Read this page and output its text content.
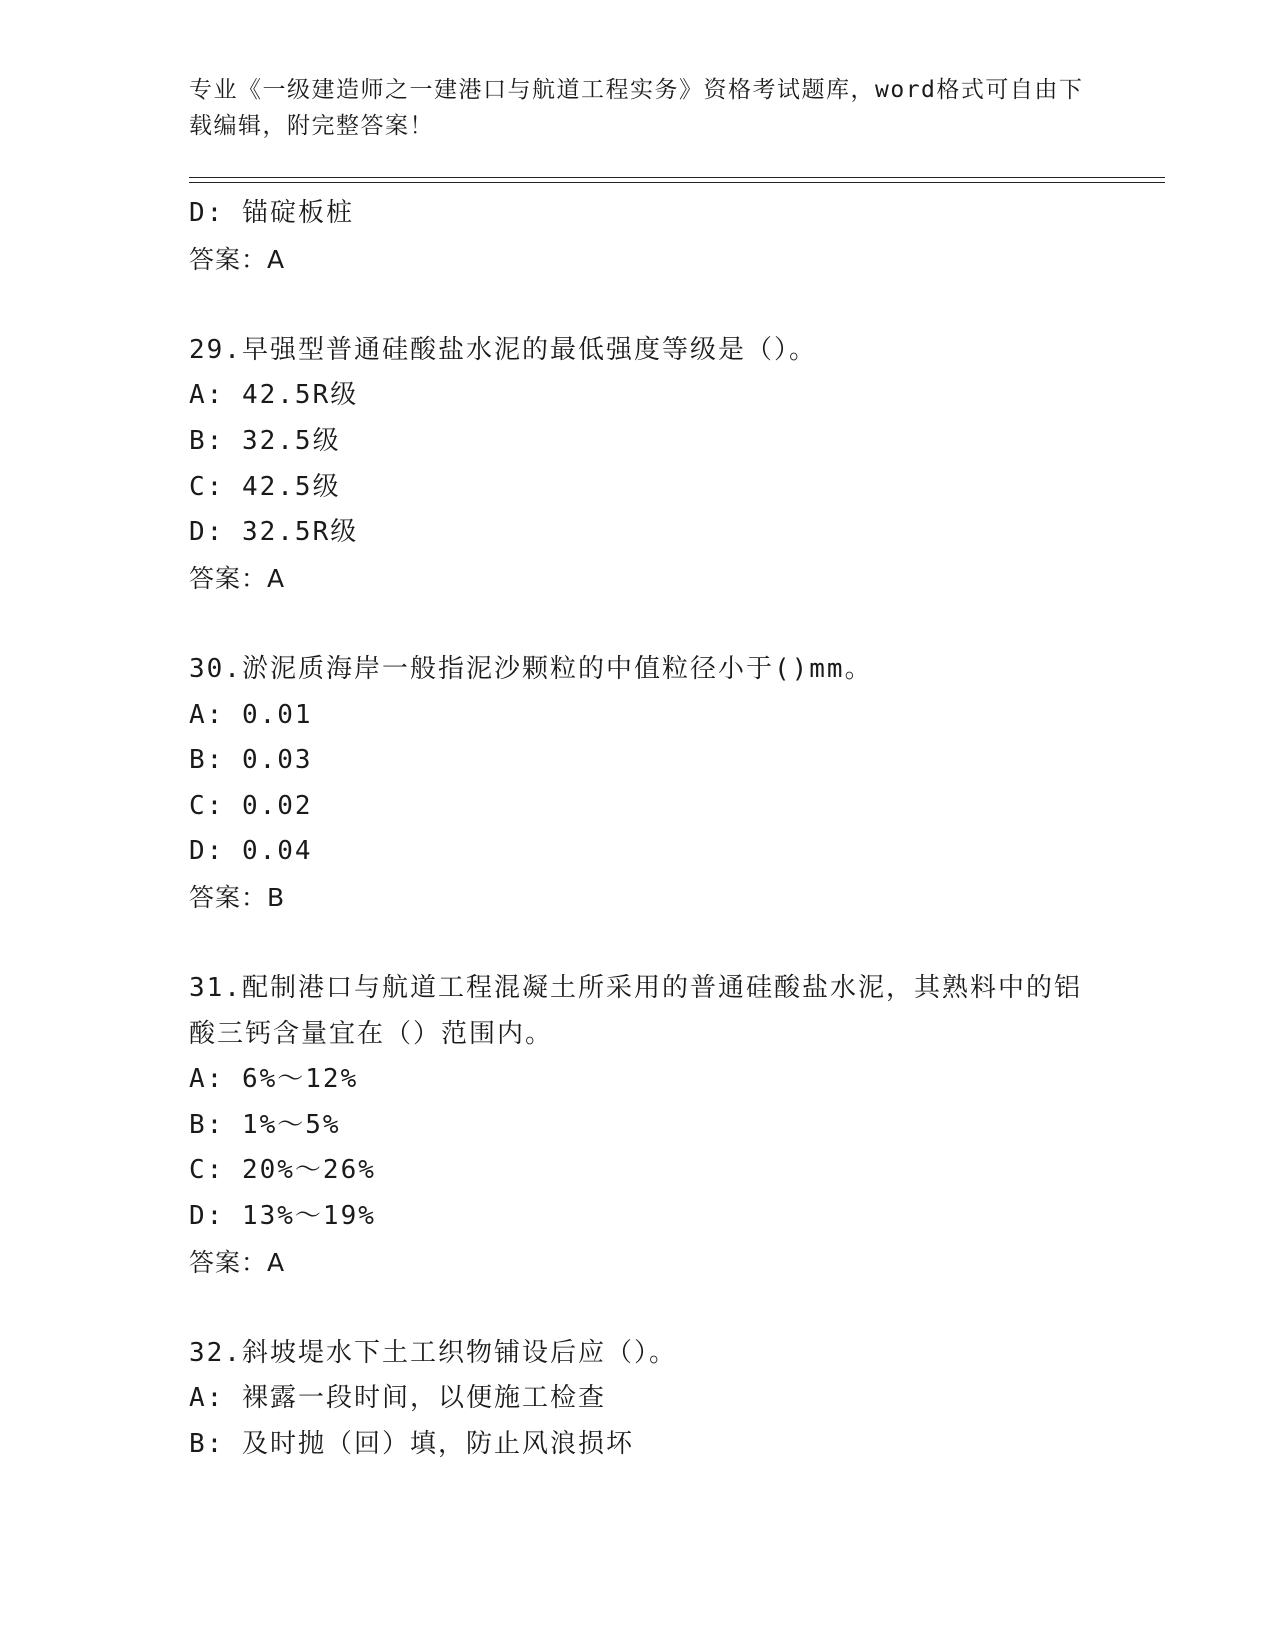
专业《一级建造师之一建港口与航道工程实务》资格考试题库，word格式可自由下载编辑，附完整答案！
D: 锚碇板桩
答案：A
29.早强型普通硅酸盐水泥的最低强度等级是（）。
A: 42.5R级
B: 32.5级
C: 42.5级
D: 32.5R级
答案：A
30.淤泥质海岸一般指泥沙颗粒的中值粒径小于()mm。
A: 0.01
B: 0.03
C: 0.02
D: 0.04
答案：B
31.配制港口与航道工程混凝土所采用的普通硅酸盐水泥，其熟料中的铝酸三钙含量宜在（）范围内。
A: 6%～12%
B: 1%～5%
C: 20%～26%
D: 13%～19%
答案：A
32.斜坡堤水下土工织物铺设后应（）。
A: 裸露一段时间，以便施工检查
B: 及时抛（回）填，防止风浪损坏
